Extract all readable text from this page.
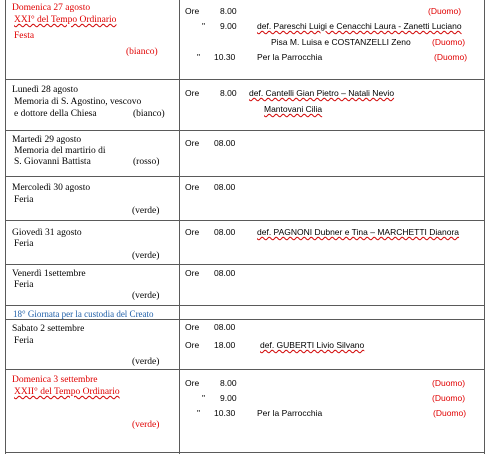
Domenica 27 agosto
XXI° del Tempo Ordinario
Festa
(bianco)
Ore 8.00	(Duomo)
" 9.00 def. Pareschi Luigi e Cenacchi Laura - Zanetti Luciano
Pisa M. Luisa e COSTANZELLI Zeno	(Duomo)
" 10.30	Per la Parrocchia	(Duomo)
Lunedì 28 agosto
Memoria di S. Agostino, vescovo
e dottore della Chiesa	(bianco)
Ore 8.00 def. Cantelli Gian Pietro – Natali Nevio
Mantovani Cilia
Martedì 29 agosto
Memoria del martirio di
S. Giovanni Battista	(rosso)
Ore 08.00
Mercoledì 30 agosto
Feria
(verde)
Ore 08.00
Giovedì 31 agosto
Feria
(verde)
Ore 08.00	def. PAGNONI Dubner e Tina – MARCHETTI Dianora
Venerdì 1settembre
Feria
(verde)
Ore 08.00
18° Giornata per la custodia del Creato
Sabato 2 settembre
Feria
(verde)
Ore 08.00
Ore 18.00	def. GUBERTI Livio Silvano
Domenica 3 settembre
XXII° del Tempo Ordinario
(verde)
Ore 8.00	(Duomo)
" 9.00	(Duomo)
" 10.30	Per la Parrocchia	(Duomo)
